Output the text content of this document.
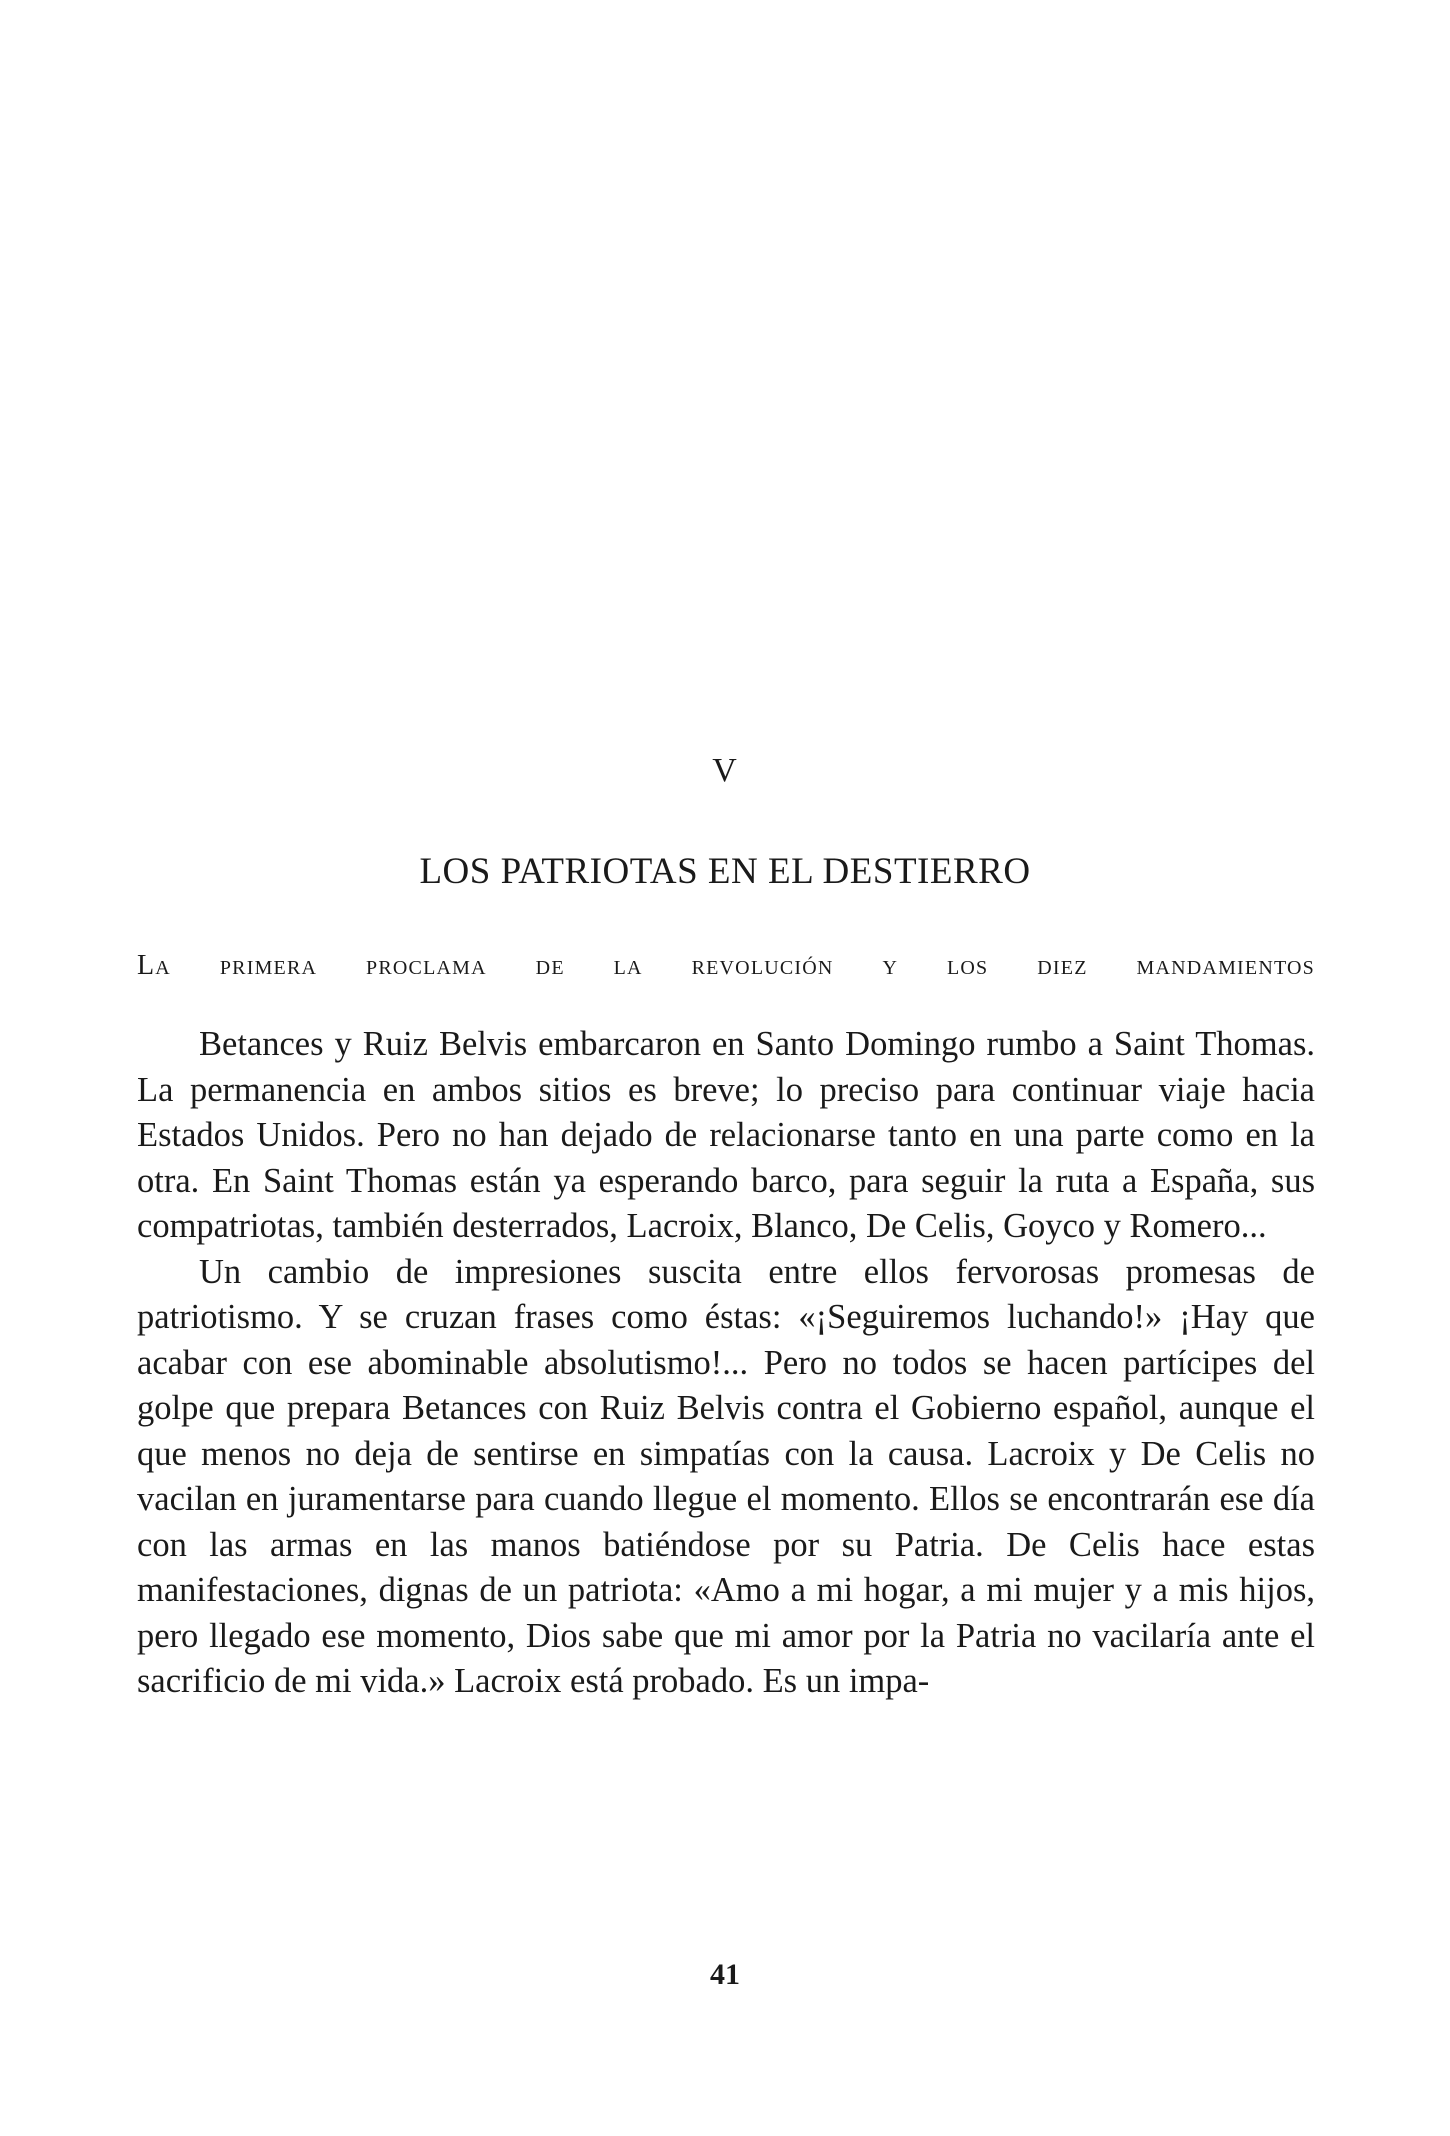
V
LOS PATRIOTAS EN EL DESTIERRO
La primera proclama de la revolución y los diez mandamientos

Betances y Ruiz Belvis embarcaron en Santo Domingo rumbo a Saint Thomas. La permanencia en ambos sitios es breve; lo preciso para continuar viaje hacia Estados Unidos. Pero no han dejado de relacionarse tanto en una parte como en la otra. En Saint Thomas están ya esperando barco, para seguir la ruta a España, sus compatriotas, también desterrados, Lacroix, Blanco, De Celis, Goyco y Romero...

Un cambio de impresiones suscita entre ellos fervorosas promesas de patriotismo. Y se cruzan frases como éstas: «¡Seguiremos luchando!» ¡Hay que acabar con ese abominable absolutismo!... Pero no todos se hacen partícipes del golpe que prepara Betances con Ruiz Belvis contra el Gobierno español, aunque el que menos no deja de sentirse en simpatías con la causa. Lacroix y De Celis no vacilan en juramentarse para cuando llegue el momento. Ellos se encontrarán ese día con las armas en las manos batiéndose por su Patria. De Celis hace estas manifestaciones, dignas de un patriota: «Amo a mi hogar, a mi mujer y a mis hijos, pero llegado ese momento, Dios sabe que mi amor por la Patria no vacilaría ante el sacrificio de mi vida.» Lacroix está probado. Es un impa-

41
